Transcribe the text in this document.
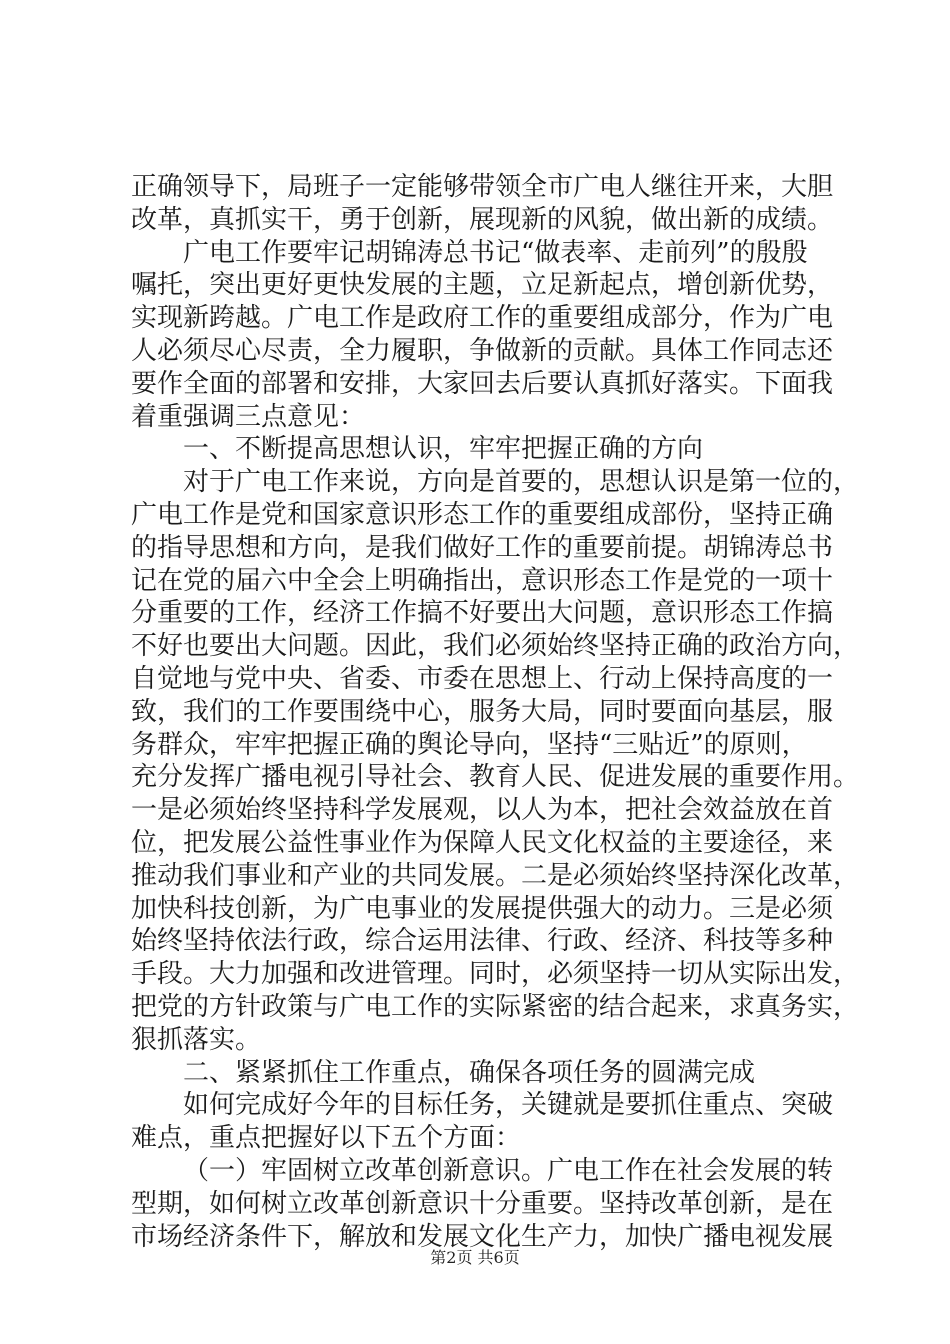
正确领导下，局班子一定能够带领全市广电人继往开来，大胆
改革，真抓实干，勇于创新，展现新的风貌，做出新的成绩。
广电工作要牢记胡锦涛总书记“做表率、走前列”的殷殷
嘱托，突出更好更快发展的主题，立足新起点，增创新优势，
实现新跨越。广电工作是政府工作的重要组成部分，作为广电
人必须尽心尽责，全力履职，争做新的贡献。具体工作同志还
要作全面的部署和安排，大家回去后要认真抓好落实。下面我
着重强调三点意见：
一、不断提高思想认识，牢牢把握正确的方向
对于广电工作来说，方向是首要的，思想认识是第一位的，
广电工作是党和国家意识形态工作的重要组成部份，坚持正确
的指导思想和方向，是我们做好工作的重要前提。胡锦涛总书
记在党的届六中全会上明确指出，意识形态工作是党的一项十
分重要的工作，经济工作搞不好要出大问题，意识形态工作搞
不好也要出大问题。因此，我们必须始终坚持正确的政治方向，
自觉地与党中央、省委、市委在思想上、行动上保持高度的一
致，我们的工作要围绕中心，服务大局，同时要面向基层，服
务群众，牢牢把握正确的舆论导向，坚持“三贴近”的原则，
充分发挥广播电视引导社会、教育人民、促进发展的重要作用。
一是必须始终坚持科学发展观，以人为本，把社会效益放在首
位，把发展公益性事业作为保障人民文化权益的主要途径，来
推动我们事业和产业的共同发展。二是必须始终坚持深化改革，
加快科技创新，为广电事业的发展提供强大的动力。三是必须
始终坚持依法行政，综合运用法律、行政、经济、科技等多种
手段。大力加强和改进管理。同时，必须坚持一切从实际出发，
把党的方针政策与广电工作的实际紧密的结合起来，求真务实，
狠抓落实。
二、紧紧抓住工作重点，确保各项任务的圆满完成
如何完成好今年的目标任务，关键就是要抓住重点、突破
难点，重点把握好以下五个方面：
（一）牢固树立改革创新意识。广电工作在社会发展的转
型期，如何树立改革创新意识十分重要。坚持改革创新，是在
市场经济条件下，解放和发展文化生产力，加快广播电视发展
第2页 共6页
